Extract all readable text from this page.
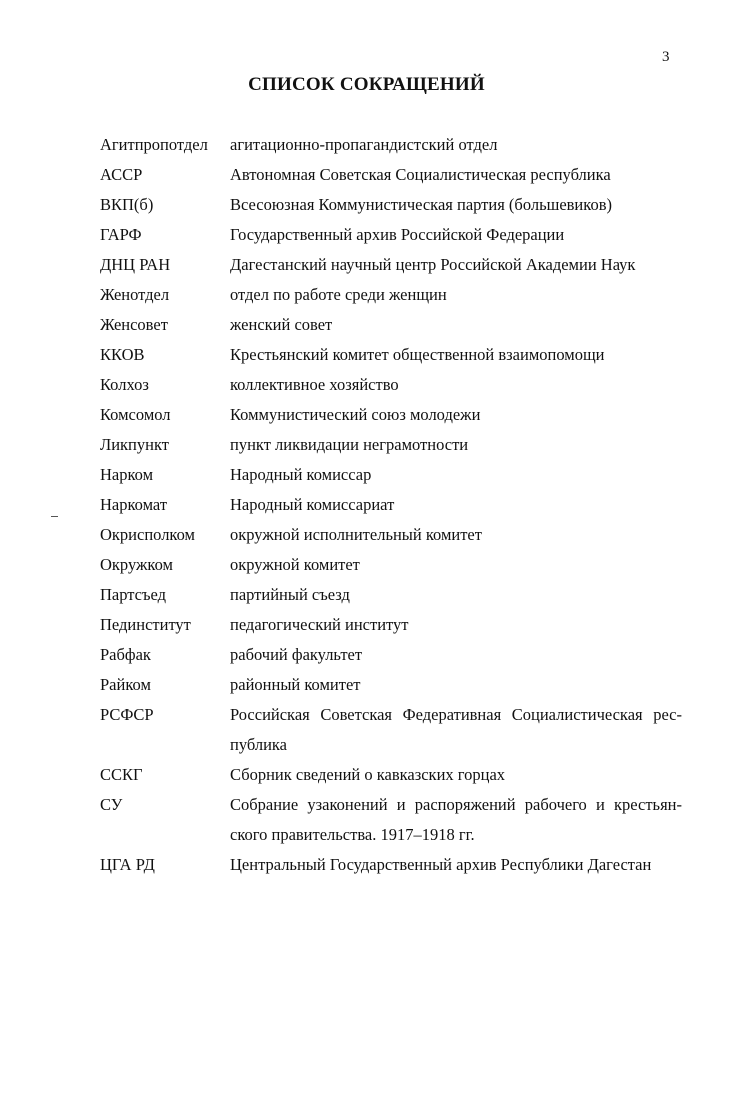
3
СПИСОК СОКРАЩЕНИЙ
Агитпропотдел агитационно-пропагандистский отдел
АССР	Автономная Советская Социалистическая республика
ВКП(б)	Всесоюзная Коммунистическая партия (большевиков)
ГАРФ	Государственный архив Российской Федерации
ДНЦ РАН	Дагестанский научный центр Российской Академии Наук
Женотдел	отдел по работе среди женщин
Женсовет	женский совет
ККОВ	Крестьянский комитет общественной взаимопомощи
Колхоз	коллективное хозяйство
Комсомол	Коммунистический союз молодежи
Ликпункт	пункт ликвидации неграмотности
Нарком	Народный комиссар
Наркомат	Народный комиссариат
Окрисполком окружной исполнительный комитет
Окружком	окружной комитет
Партсъед	партийный съезд
Пединститут педагогический институт
Рабфак	рабочий факультет
Райком	районный комитет
РСФСР	Российская Советская Федеративная Социалистическая рес-
публика
ССКГ	Сборник сведений о кавказских горцах
СУ	Собрание узаконений и распоряжений рабочего и крестьян-
ского правительства. 1917–1918 гг.
ЦГА РД	Центральный Государственный архив Республики Дагестан
